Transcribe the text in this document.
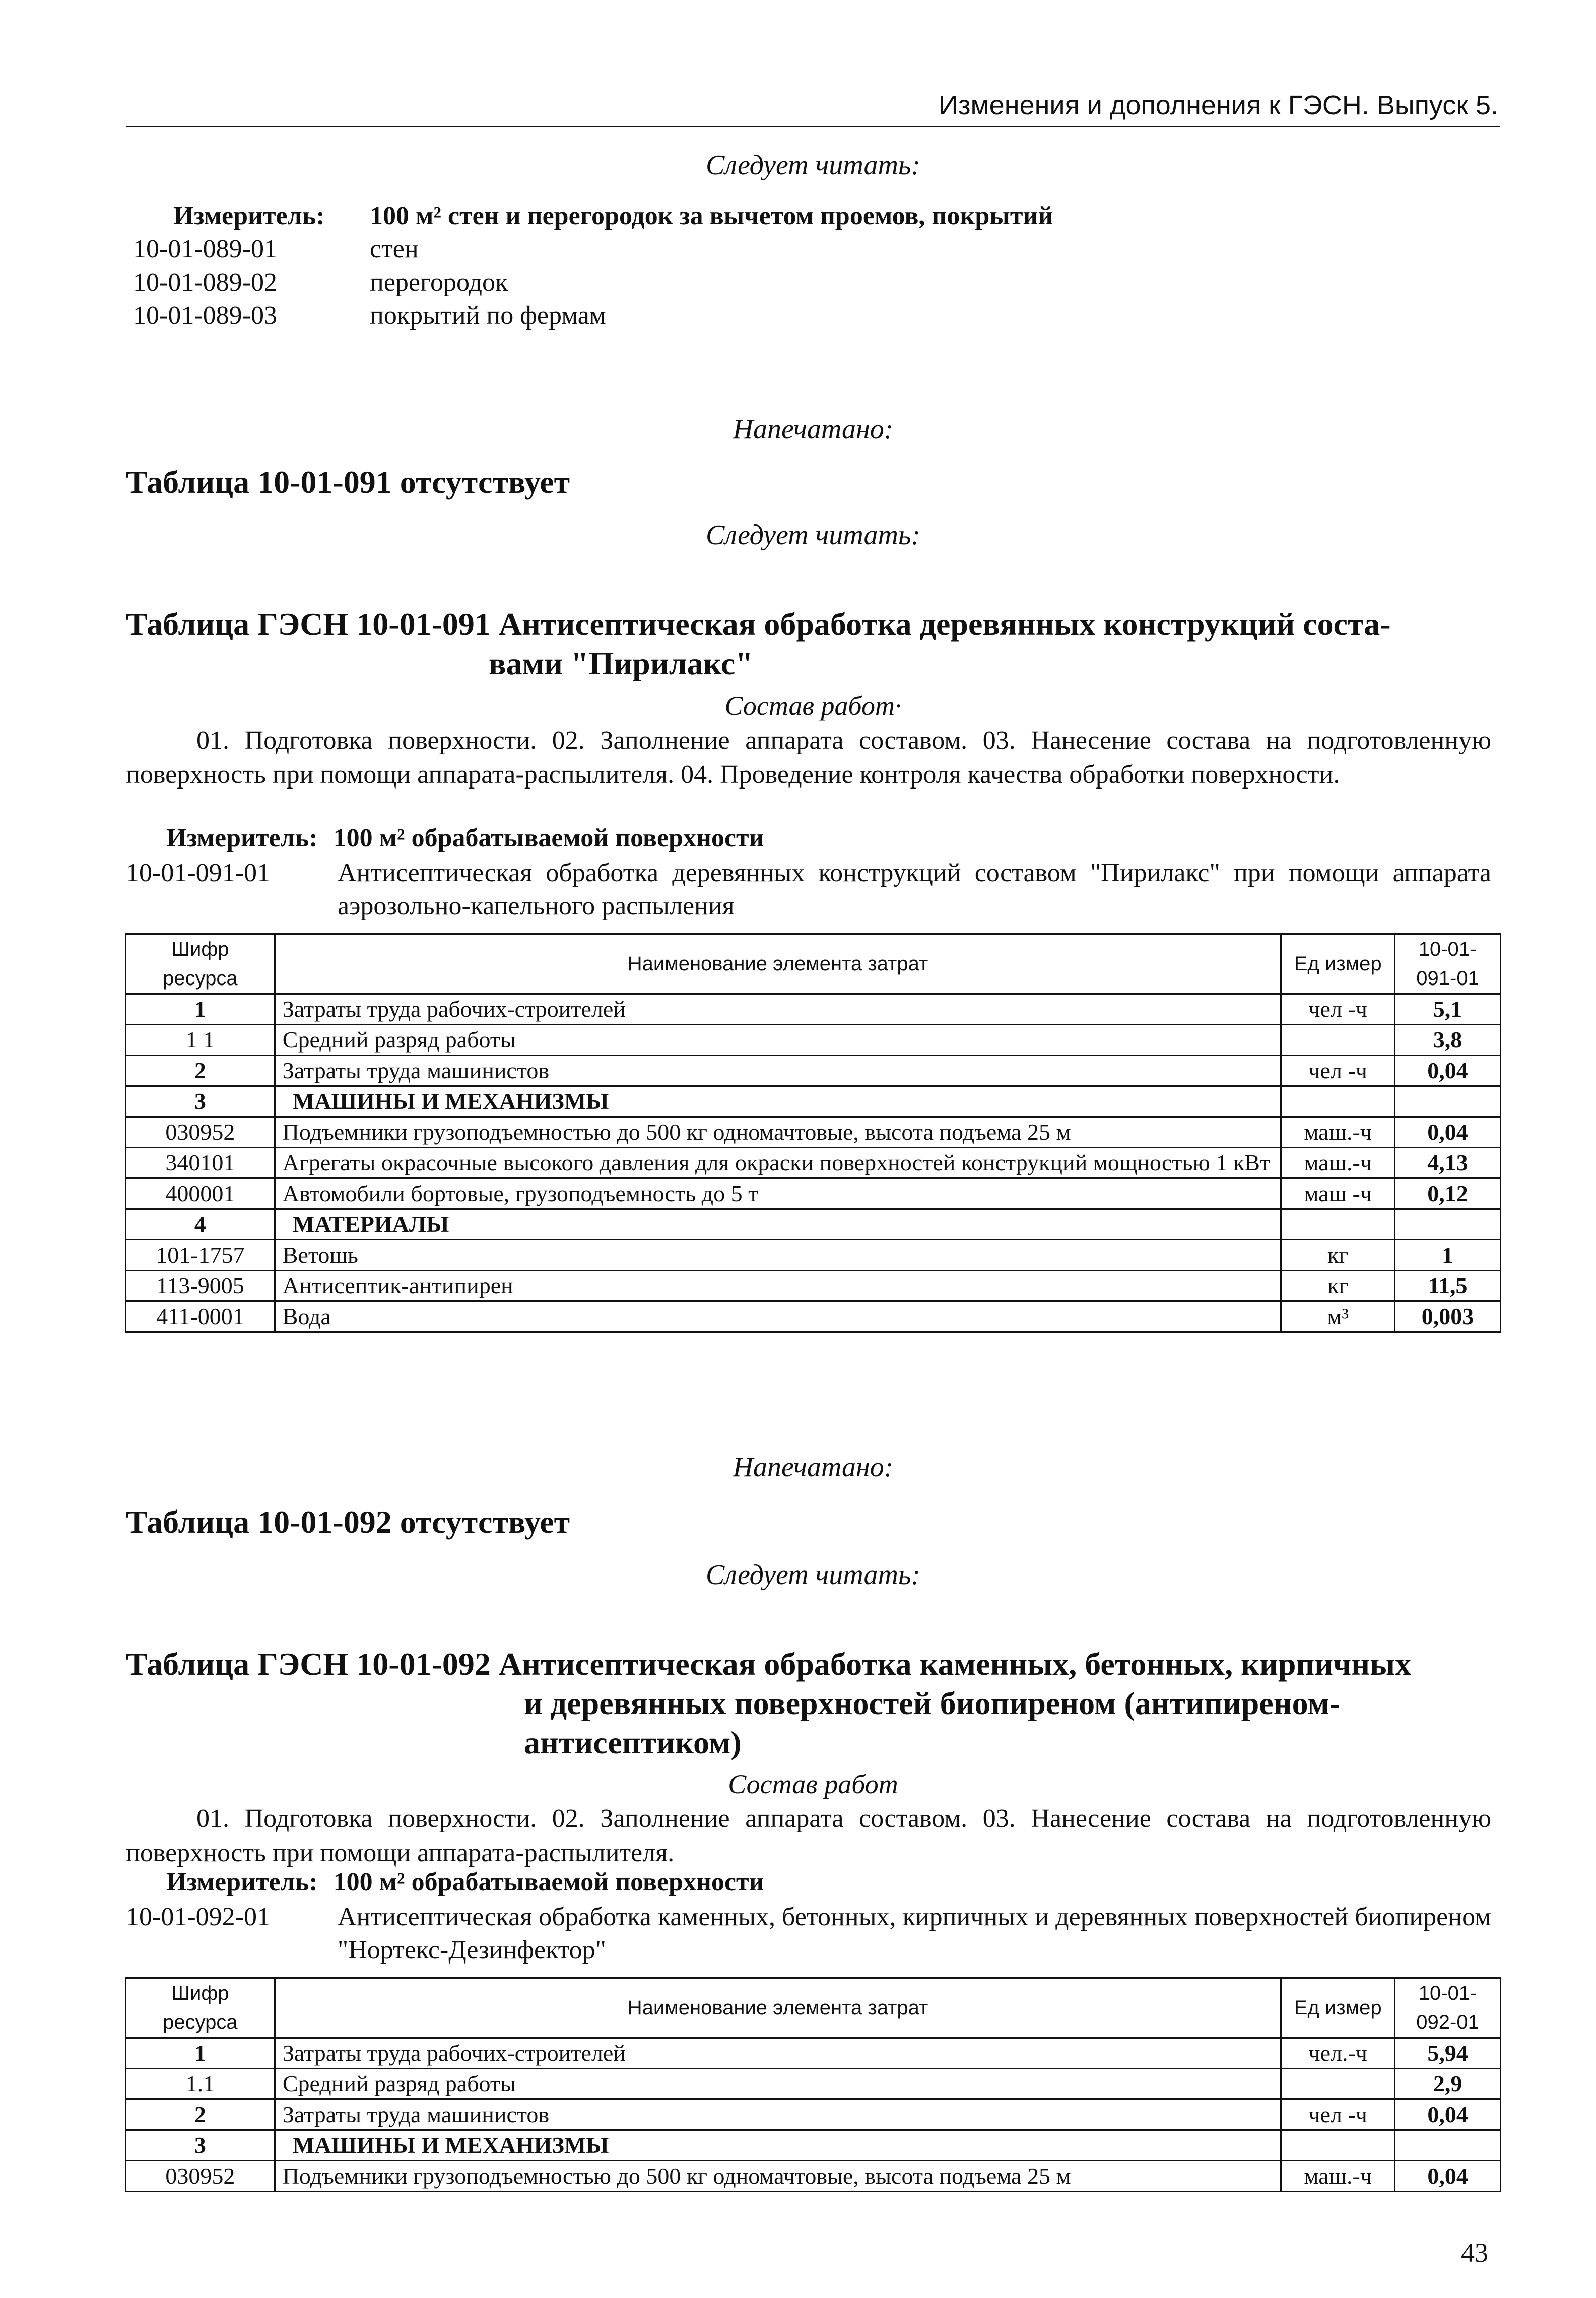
Изменения и дополнения к ГЭСН. Выпуск 5.
Следует читать:
Измеритель:	100 м² стен и перегородок за вычетом проемов, покрытий
10-01-089-01	стен
10-01-089-02	перегородок
10-01-089-03	покрытий по фермам
Напечатано:
Таблица 10-01-091 отсутствует
Следует читать:
Таблица ГЭСН 10-01-091 Антисептическая обработка деревянных конструкций соста-
вами "Пирилакс"
Состав работ·
01. Подготовка поверхности. 02. Заполнение аппарата составом. 03. Нанесение состава на подготовленную поверхность при помощи аппарата-распылителя. 04. Проведение контроля качества обработки поверхности.
Измеритель: 100 м² обрабатываемой поверхности
10-01-091-01	Антисептическая обработка деревянных конструкций составом "Пирилакс" при помощи аппарата аэрозольно-капельного распыления
Шифр ресурса	Наименование элемента затрат	Ед измер	10-01-091-01
1	Затраты труда рабочих-строителей	чел -ч	5,1
1 1	Средний разряд работы		3,8
2	Затраты труда машинистов	чел -ч	0,04
3	МАШИНЫ И МЕХАНИЗМЫ		
030952	Подъемники грузоподъемностью до 500 кг одномачтовые, высота подъема 25 м	маш.-ч	0,04
340101	Агрегаты окрасочные высокого давления для окраски поверхностей конструкций мощностью 1 кВт	маш.-ч	4,13
400001	Автомобили бортовые, грузоподъемность до 5 т	маш -ч	0,12
4	МАТЕРИАЛЫ		
101-1757	Ветошь	кг	1
113-9005	Антисептик-антипирен	кг	11,5
411-0001	Вода	м³	0,003
Напечатано:
Таблица 10-01-092 отсутствует
Следует читать:
Таблица ГЭСН 10-01-092 Антисептическая обработка каменных, бетонных, кирпичных
и деревянных поверхностей биопиреном (антипиреном-
антисептиком)
Состав работ
01. Подготовка поверхности. 02. Заполнение аппарата составом. 03. Нанесение состава на подготовленную поверхность при помощи аппарата-распылителя.
Измеритель: 100 м² обрабатываемой поверхности
10-01-092-01	Антисептическая обработка каменных, бетонных, кирпичных и деревянных поверхностей биопиреном "Нортекс-Дезинфектор"
Шифр ресурса	Наименование элемента затрат	Ед измер	10-01-092-01
1	Затраты труда рабочих-строителей	чел.-ч	5,94
1.1	Средний разряд работы		2,9
2	Затраты труда машинистов	чел -ч	0,04
3	МАШИНЫ И МЕХАНИЗМЫ		
030952	Подъемники грузоподъемностью до 500 кг одномачтовые, высота подъема 25 м	маш.-ч	0,04
43
